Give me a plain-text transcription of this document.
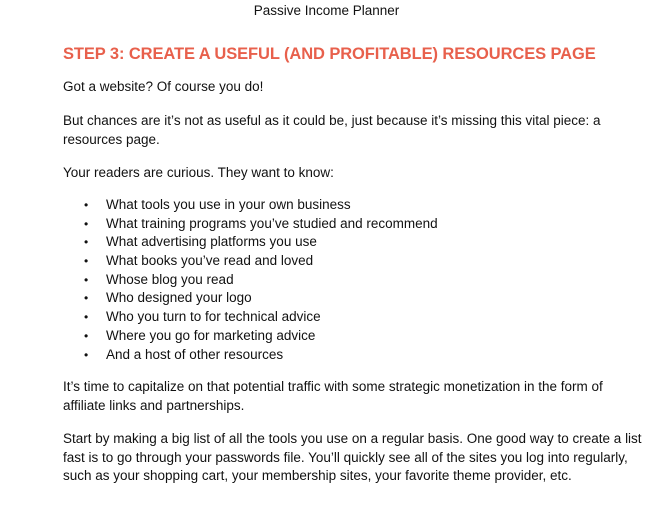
Passive Income Planner
STEP 3: CREATE A USEFUL (AND PROFITABLE) RESOURCES PAGE

Got a website? Of course you do!

But chances are it’s not as useful as it could be, just because it’s missing this vital piece: a resources page.

Your readers are curious. They want to know:

• What tools you use in your own business
• What training programs you’ve studied and recommend
• What advertising platforms you use
• What books you’ve read and loved
• Whose blog you read
• Who designed your logo
• Who you turn to for technical advice
• Where you go for marketing advice
• And a host of other resources

It’s time to capitalize on that potential traffic with some strategic monetization in the form of affiliate links and partnerships.

Start by making a big list of all the tools you use on a regular basis. One good way to create a list fast is to go through your passwords file. You’ll quickly see all of the sites you log into regularly, such as your shopping cart, your membership sites, your favorite theme provider, etc.
